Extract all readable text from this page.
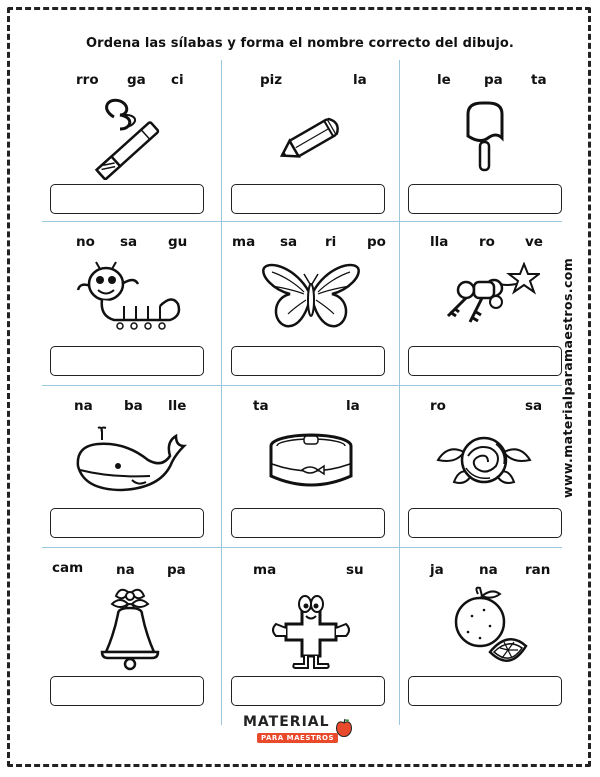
Ordena las sílabas y forma el nombre correcto del dibujo.
rro ga ci	piz	la	le pa ta
no sa gu	ma sa ri po	lla ro ve
na ba lle	ta	la	ro	sa
cam na pa	ma	su	ja	na ran
www.materialparamaestros.com
MATERIAL
PARA MAESTROS
